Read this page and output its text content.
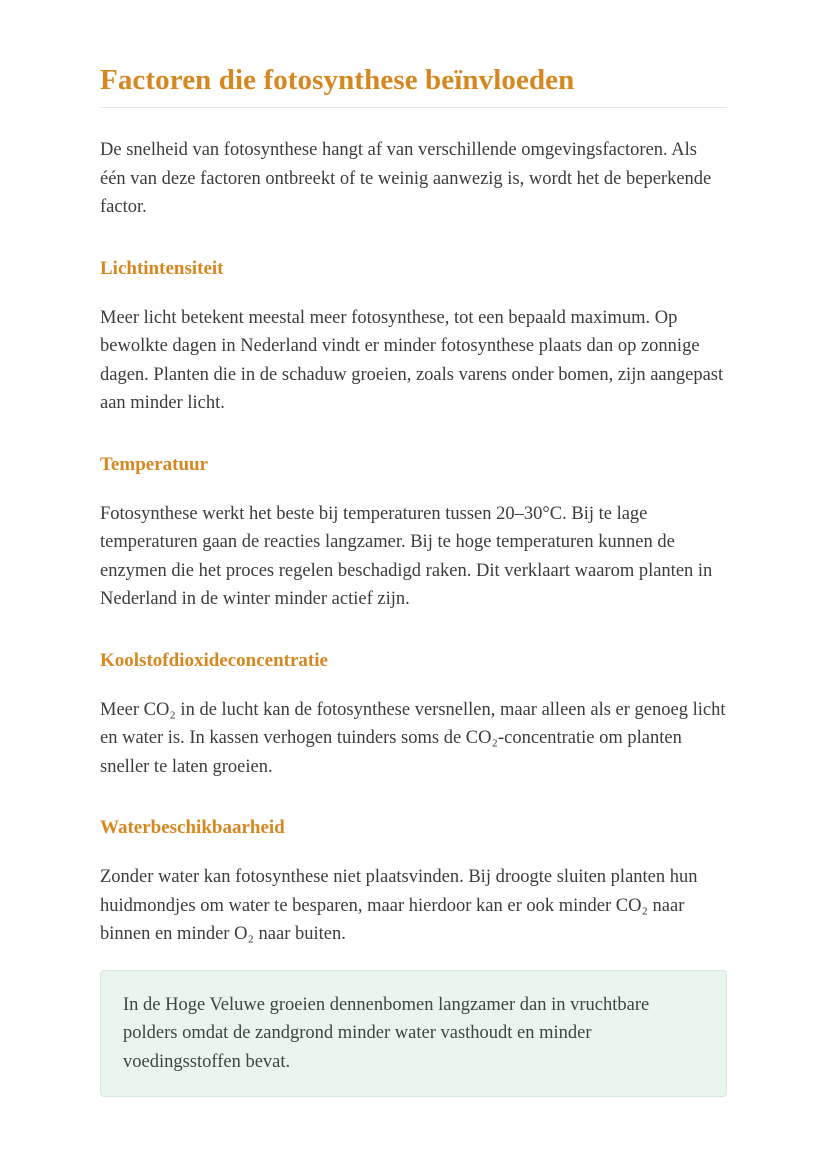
Factoren die fotosynthese beïnvloeden

De snelheid van fotosynthese hangt af van verschillende omgevingsfactoren. Als één van deze factoren ontbreekt of te weinig aanwezig is, wordt het de beperkende factor.

Lichtintensiteit

Meer licht betekent meestal meer fotosynthese, tot een bepaald maximum. Op bewolkte dagen in Nederland vindt er minder fotosynthese plaats dan op zonnige dagen. Planten die in de schaduw groeien, zoals varens onder bomen, zijn aangepast aan minder licht.

Temperatuur

Fotosynthese werkt het beste bij temperaturen tussen 20–30°C. Bij te lage temperaturen gaan de reacties langzamer. Bij te hoge temperaturen kunnen de enzymen die het proces regelen beschadigd raken. Dit verklaart waarom planten in Nederland in de winter minder actief zijn.

Koolstofdioxideconcentratie

Meer CO₂ in de lucht kan de fotosynthese versnellen, maar alleen als er genoeg licht en water is. In kassen verhogen tuinders soms de CO₂-concentratie om planten sneller te laten groeien.

Waterbeschikbaarheid

Zonder water kan fotosynthese niet plaatsvinden. Bij droogte sluiten planten hun huidmondjes om water te besparen, maar hierdoor kan er ook minder CO₂ naar binnen en minder O₂ naar buiten.

In de Hoge Veluwe groeien dennenbomen langzamer dan in vruchtbare polders omdat de zandgrond minder water vasthoudt en minder voedingsstoffen bevat.
